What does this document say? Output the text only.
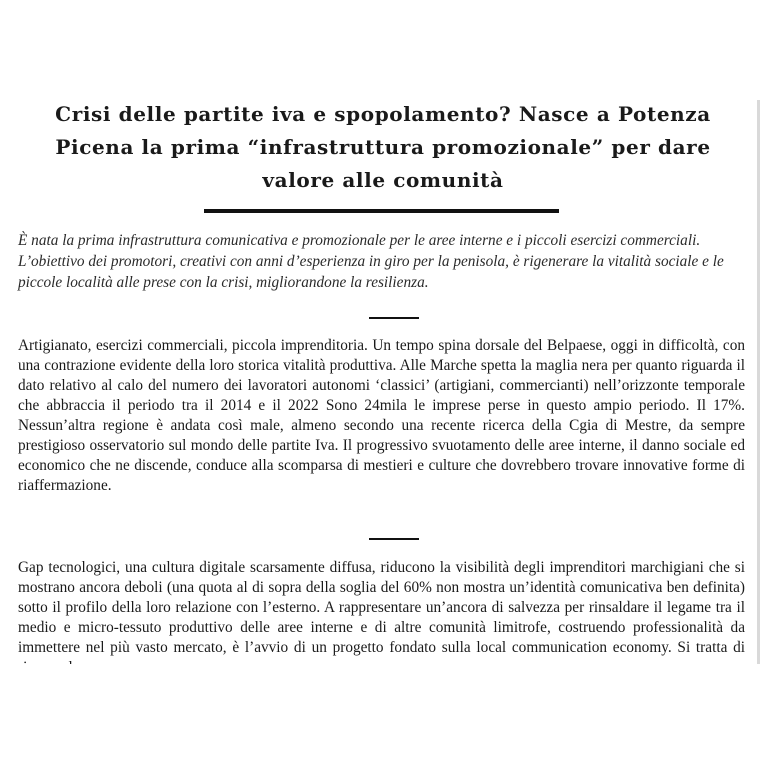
Crisi delle partite iva e spopolamento? Nasce a Potenza Picena la prima “infrastruttura promozionale” per dare valore alle comunità

È nata la prima infrastruttura comunicativa e promozionale per le aree interne e i piccoli esercizi commerciali. L’obiettivo dei promotori, creativi con anni d’esperienza in giro per la penisola, è rigenerare la vitalità sociale e le piccole località alle prese con la crisi, migliorandone la resilienza.

Artigianato, esercizi commerciali, piccola imprenditoria. Un tempo spina dorsale del Belpaese, oggi in difficoltà, con una contrazione evidente della loro storica vitalità produttiva. Alle Marche spetta la maglia nera per quanto riguarda il dato relativo al calo del numero dei lavoratori autonomi ‘classici’ (artigiani, commercianti) nell’orizzonte temporale che abbraccia il periodo tra il 2014 e il 2022 Sono 24mila le imprese perse in questo ampio periodo. Il 17%. Nessun’altra regione è andata così male, almeno secondo una recente ricerca della Cgia di Mestre, da sempre prestigioso osservatorio sul mondo delle partite Iva. Il progressivo svuotamento delle aree interne, il danno sociale ed economico che ne discende, conduce alla scomparsa di mestieri e culture che dovrebbero trovare innovative forme di riaffermazione.

Gap tecnologici, una cultura digitale scarsamente diffusa, riducono la visibilità degli imprenditori marchigiani che si mostrano ancora deboli (una quota al di sopra della soglia del 60% non mostra un’identità comunicativa ben definita) sotto il profilo della loro relazione con l’esterno. A rappresentare un’ancora di salvezza per rinsaldare il legame tra il medio e micro-tessuto produttivo delle aree interne e di altre comunità limitrofe, costruendo professionalità da immettere nel più vasto mercato, è l’avvio di un progetto fondato sulla local communication economy. Si tratta di
